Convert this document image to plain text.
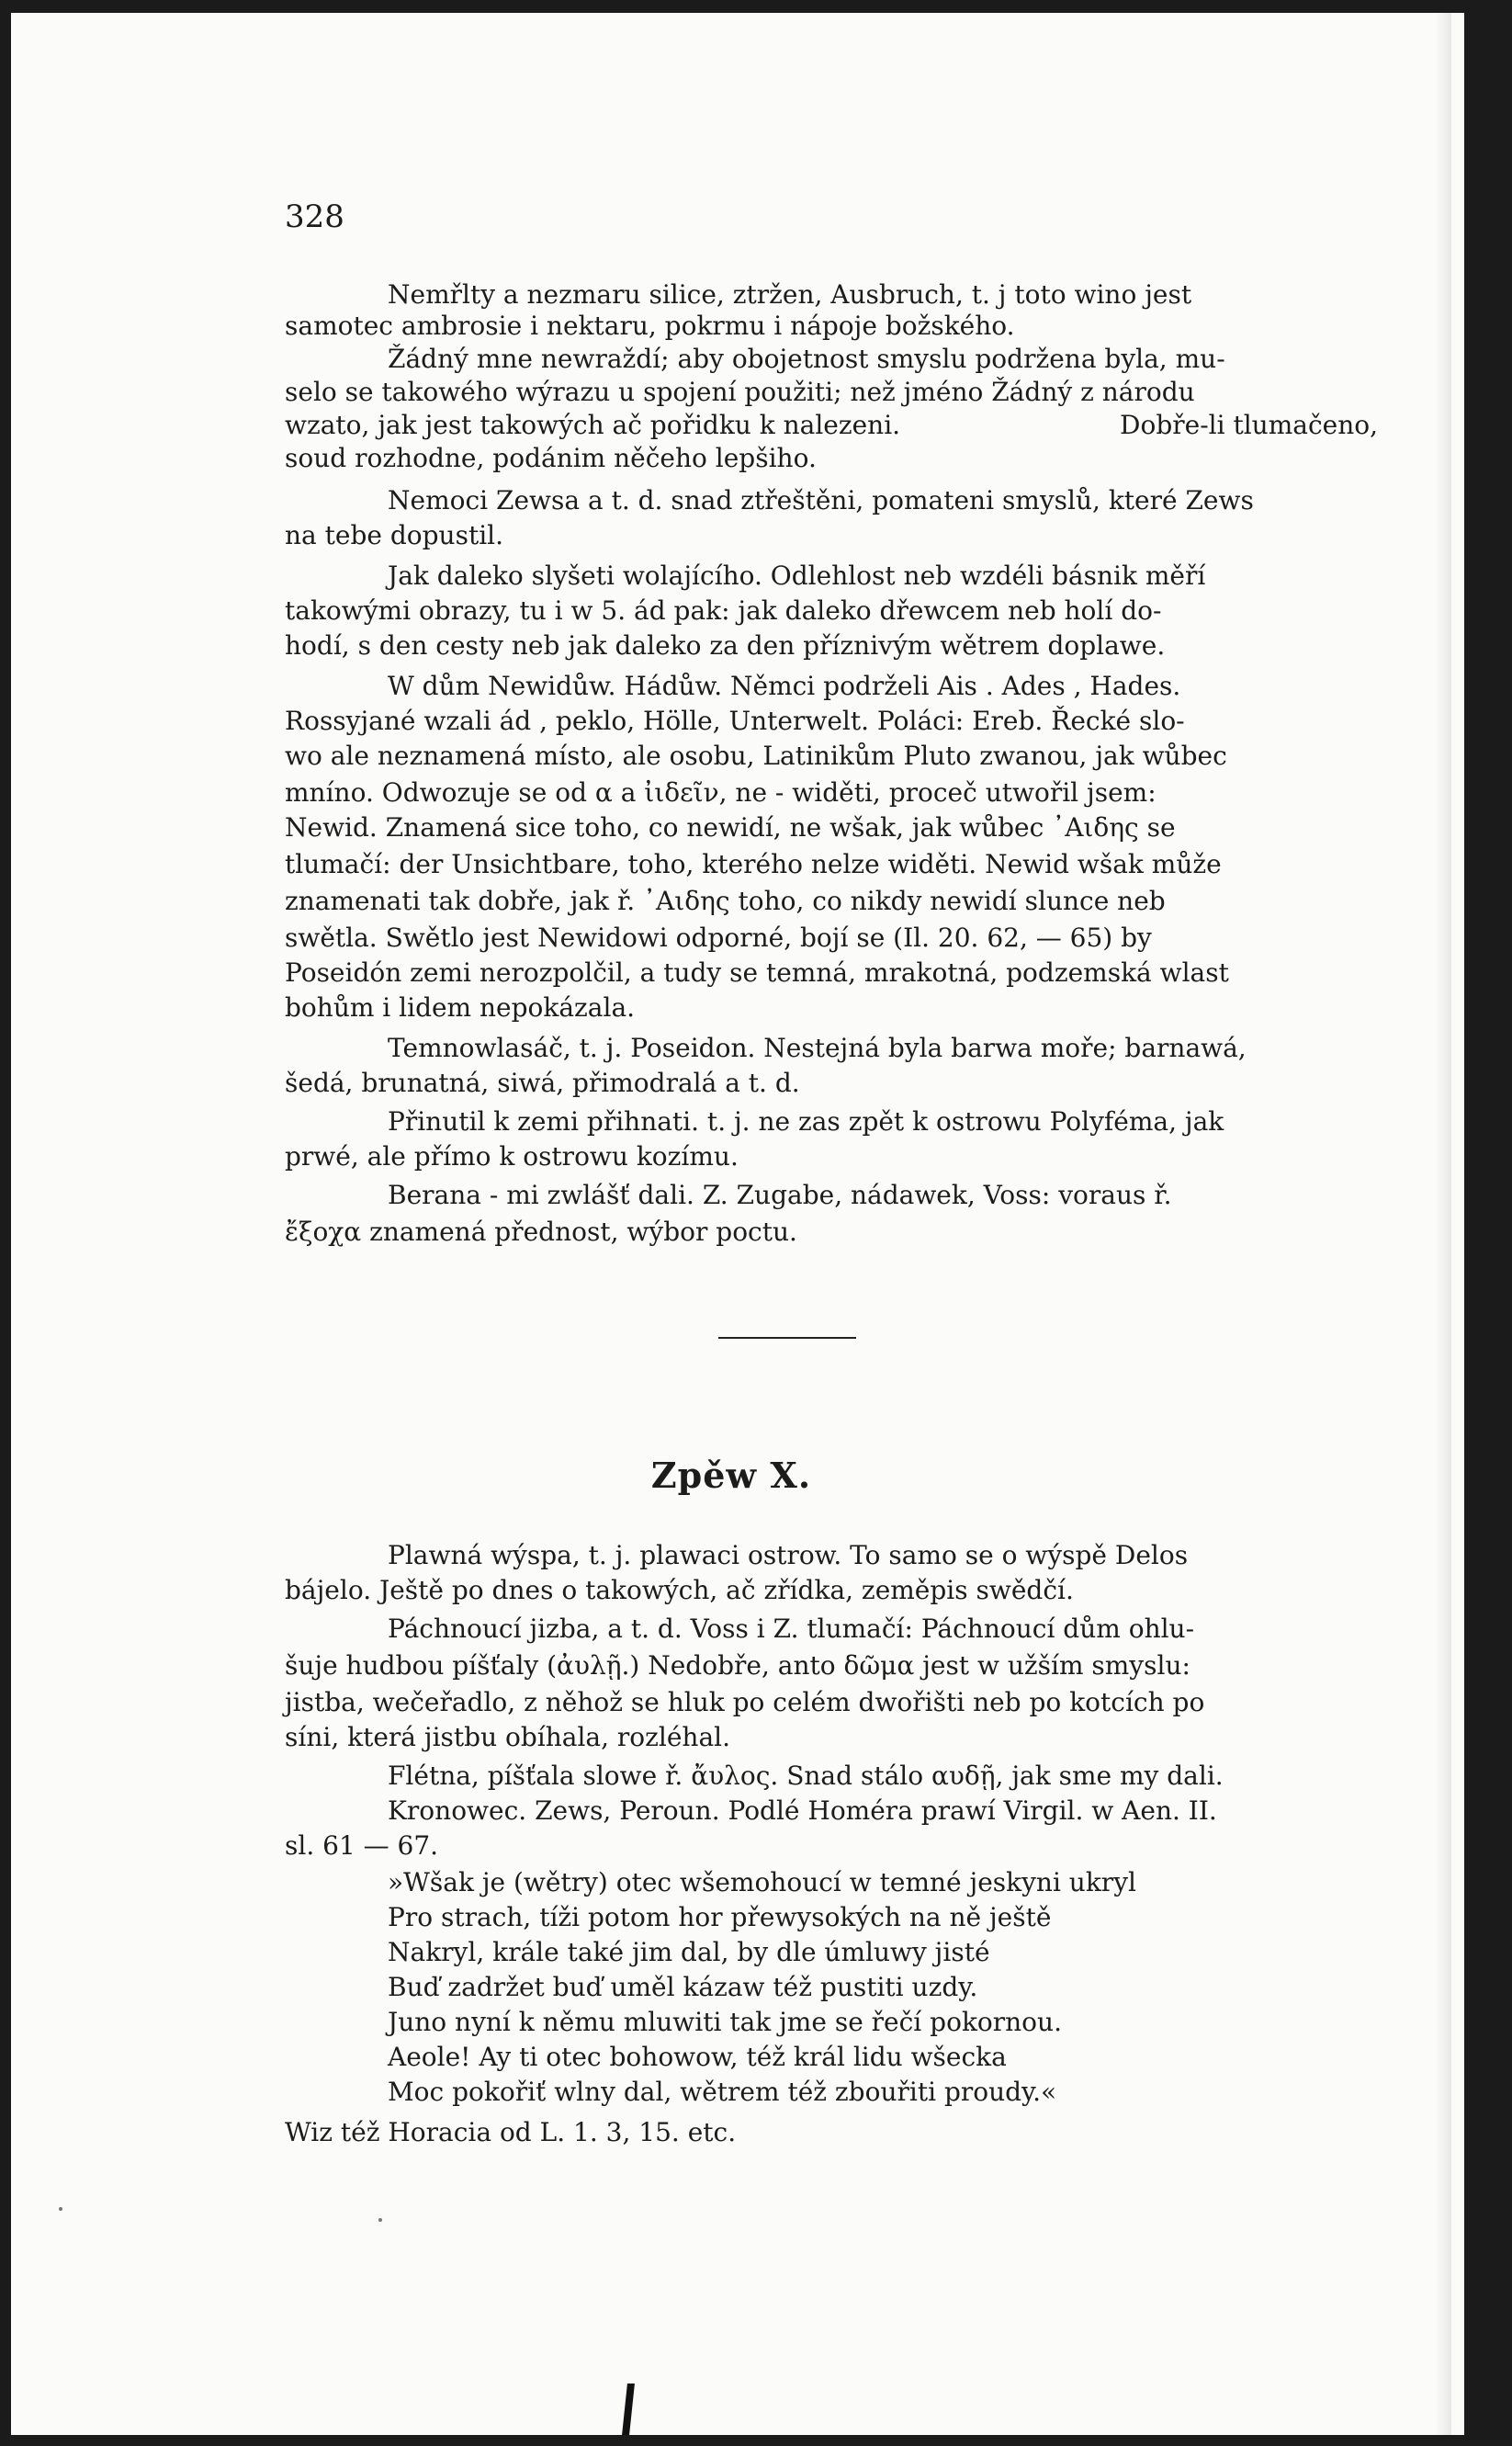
328
Nemřlty a nezmaru silice, ztržen, Ausbruch, t. j toto wino jest
samotec ambrosie i nektaru, pokrmu i nápoje božského.
Žádný mne newraždí; aby obojetnost smyslu podržena byla, mu-
selo se takowého wýrazu u spojení použiti; než jméno Žádný z národu
wzato, jak jest takowých ač pořidku k nalezeni.	Dobře-li tlumačeno,
soud rozhodne, podánim něčeho lepšiho.
Nemoci Zewsa a t. d. snad ztřeštěni, pomateni smyslů, které Zews
na tebe dopustil.
Jak daleko slyšeti wolajícího. Odlehlost neb wzdéli básnik měří
takowými obrazy, tu i w 5. ád pak: jak daleko dřewcem neb holí do-
hodí, s den cesty neb jak daleko za den příznivým wětrem doplawe.
W dům Newidůw. Hádůw. Němci podrželi Ais . Ades , Hades.
Rossyjané wzali ád , peklo, Hölle, Unterwelt. Poláci: Ereb. Řecké slo-
wo ale neznamená místo, ale osobu, Latinikům Pluto zwanou, jak wůbec
mníno. Odwozuje se od α a ἰιδεῖν, ne - widěti, proceč utwořil jsem:
Newid. Znamená sice toho, co newidí, ne wšak, jak wůbec ᾿Αιδης se
tlumačí: der Unsichtbare, toho, kterého nelze widěti. Newid wšak může
znamenati tak dobře, jak ř. ᾿Αιδης toho, co nikdy newidí slunce neb
swětla. Swětlo jest Newidowi odporné, bojí se (Il. 20. 62, — 65) by
Poseidón zemi nerozpolčil, a tudy se temná, mrakotná, podzemská wlast
bohům i lidem nepokázala.
Temnowlasáč, t. j. Poseidon. Nestejná byla barwa moře; barnawá,
šedá, brunatná, siwá, přimodralá a t. d.
Přinutil k zemi přihnati. t. j. ne zas zpět k ostrowu Polyféma, jak
prwé, ale přímo k ostrowu kozímu.
Berana - mi zwlášť dali. Z. Zugabe, nádawek, Voss: voraus ř.
ἔξοχα znamená přednost, wýbor poctu.
Zpěw X.
Plawná wýspa, t. j. plawaci ostrow. To samo se o wýspě Delos
bájelo. Ještě po dnes o takowých, ač zřídka, zeměpis swědčí.
Páchnoucí jizba, a t. d. Voss i Z. tlumačí: Páchnoucí dům ohlu-
šuje hudbou píšťaly (ἀυλῇ.) Nedobře, anto δῶμα jest w užším smyslu:
jistba, wečeřadlo, z něhož se hluk po celém dwořišti neb po kotcích po
síni, která jistbu obíhala, rozléhal.
Flétna, píšťala slowe ř. ἄυλος. Snad stálo αυδῇ, jak sme my dali.
Kronowec. Zews, Peroun. Podlé Homéra prawí Virgil. w Aen. II.
sl. 61 — 67.
»Wšak je (wětry) otec wšemohoucí w temné jeskyni ukryl
Pro strach, tíži potom hor přewysokých na ně ještě
Nakryl, krále také jim dal, by dle úmluwy jisté
Buď zadržet buď uměl kázaw též pustiti uzdy.
Juno nyní k němu mluwiti tak jme se řečí pokornou.
Aeole! Ay ti otec bohowow, též král lidu wšecka
Moc pokořiť wlny dal, wětrem též zbouřiti proudy.«
Wiz též Horacia od L. 1. 3, 15. etc.
